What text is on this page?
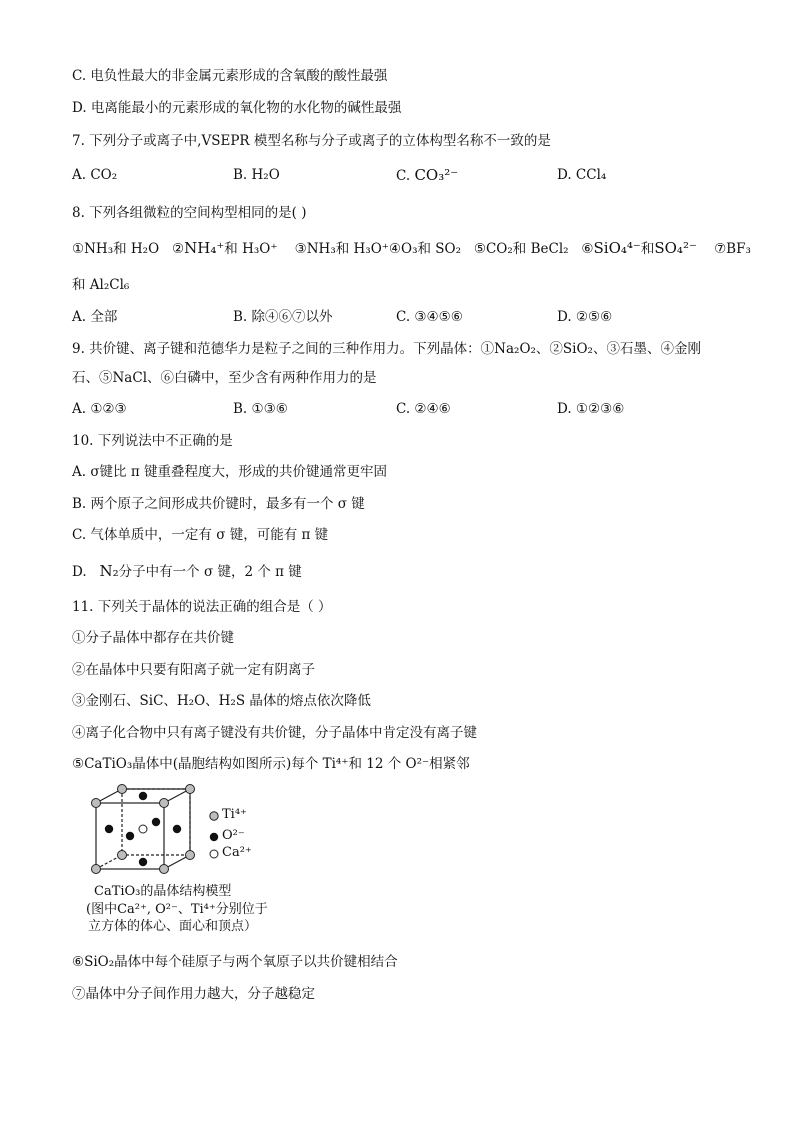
C. 电负性最大的非金属元素形成的含氧酸的酸性最强
D. 电离能最小的元素形成的氧化物的水化物的碱性最强
7. 下列分子或离子中,VSEPR 模型名称与分子或离子的立体构型名称不一致的是
A. CO₂	B. H₂O	C. CO₃²⁻	D. CCl₄
8. 下列各组微粒的空间构型相同的是( )
①NH₃和 H₂O ②NH₄⁺和 H₃O⁺ ③NH₃和 H₃O⁺④O₃和 SO₂ ⑤CO₂和 BeCl₂ ⑥SiO₄⁴⁻和SO₄²⁻ ⑦BF₃
和 Al₂Cl₆
A. 全部	B. 除④⑥⑦以外	C. ③④⑤⑥	D. ②⑤⑥
9. 共价键、离子键和范德华力是粒子之间的三种作用力。下列晶体：①Na₂O₂、②SiO₂、③石墨、④金刚
石、⑤NaCl、⑥白磷中，至少含有两种作用力的是
A. ①②③	B. ①③⑥	C. ②④⑥	D. ①②③⑥
10. 下列说法中不正确的是
A. σ键比 π 键重叠程度大，形成的共价键通常更牢固
B. 两个原子之间形成共价键时，最多有一个 σ 键
C. 气体单质中，一定有 σ 键，可能有 π 键
D. N₂分子中有一个 σ 键，2 个 π 键
11. 下列关于晶体的说法正确的组合是（ ）
①分子晶体中都存在共价键
②在晶体中只要有阳离子就一定有阴离子
③金刚石、SiC、H₂O、H₂S 晶体的熔点依次降低
④离子化合物中只有离子键没有共价键，分子晶体中肯定没有离子键
⑤CaTiO₃晶体中(晶胞结构如图所示)每个 Ti⁴⁺和 12 个 O²⁻相紧邻
Ti⁴⁺
O²⁻
Ca²⁺
CaTiO₃的晶体结构模型
(图中Ca²⁺, O²⁻、Ti⁴⁺分别位于
立方体的体心、面心和顶点）
⑥SiO₂晶体中每个硅原子与两个氧原子以共价键相结合
⑦晶体中分子间作用力越大，分子越稳定
